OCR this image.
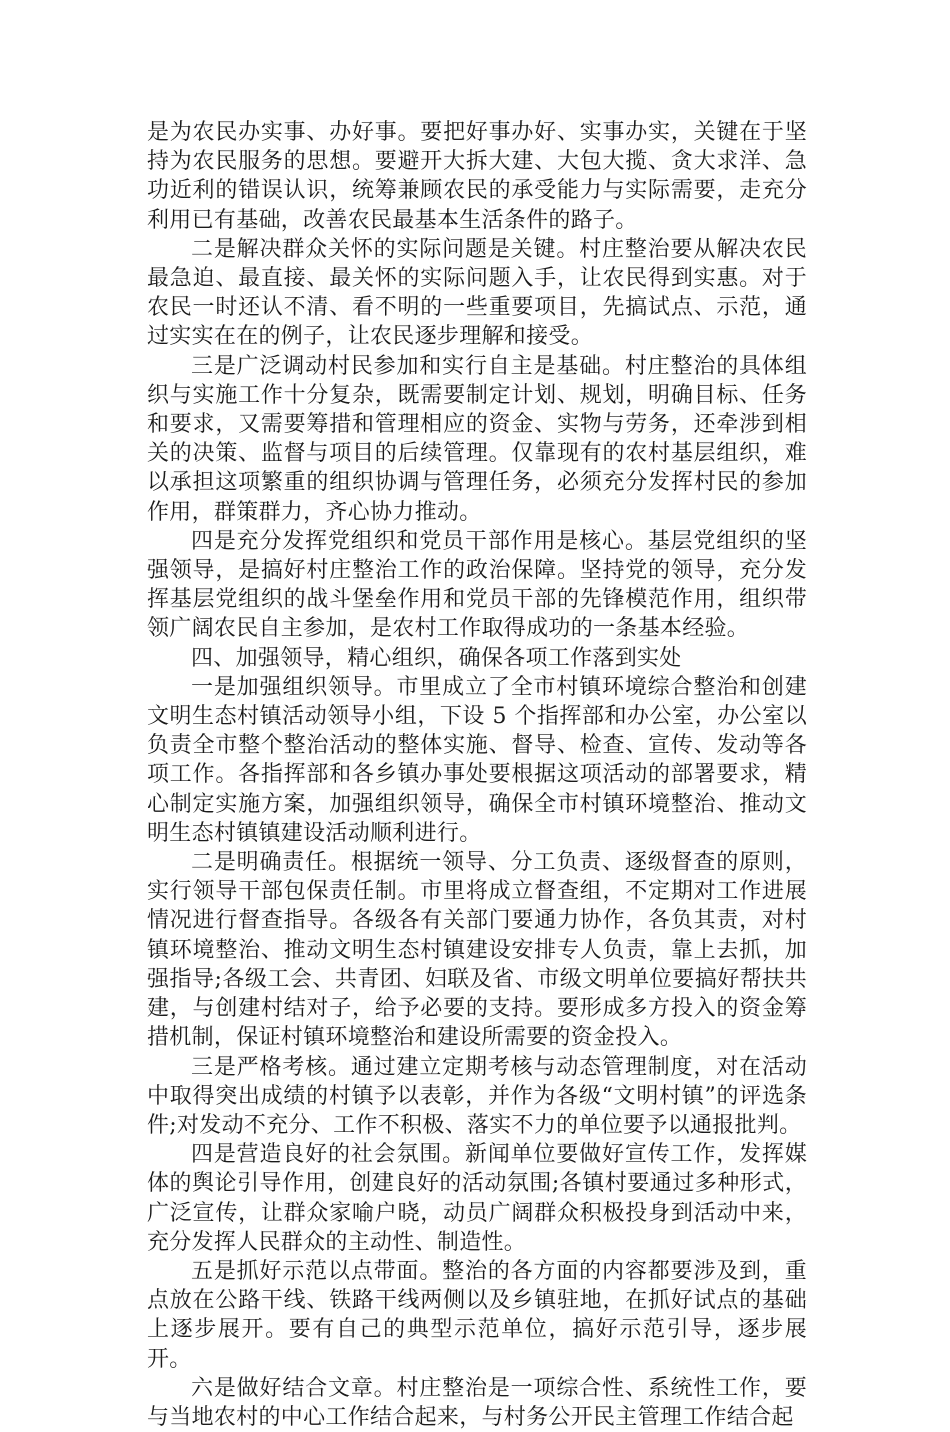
是为农民办实事、办好事。要把好事办好、实事办实，关键在于坚持为农民服务的思想。要避开大拆大建、大包大揽、贪大求洋、急功近利的错误认识，统筹兼顾农民的承受能力与实际需要，走充分利用已有基础，改善农民最基本生活条件的路子。

二是解决群众关怀的实际问题是关键。村庄整治要从解决农民最急迫、最直接、最关怀的实际问题入手，让农民得到实惠。对于农民一时还认不清、看不明的一些重要项目，先搞试点、示范，通过实实在在的例子，让农民逐步理解和接受。

三是广泛调动村民参加和实行自主是基础。村庄整治的具体组织与实施工作十分复杂，既需要制定计划、规划，明确目标、任务和要求，又需要筹措和管理相应的资金、实物与劳务，还牵涉到相关的决策、监督与项目的后续管理。仅靠现有的农村基层组织，难以承担这项繁重的组织协调与管理任务，必须充分发挥村民的参加作用，群策群力，齐心协力推动。

四是充分发挥党组织和党员干部作用是核心。基层党组织的坚强领导，是搞好村庄整治工作的政治保障。坚持党的领导，充分发挥基层党组织的战斗堡垒作用和党员干部的先锋模范作用，组织带领广阔农民自主参加，是农村工作取得成功的一条基本经验。

四、加强领导，精心组织，确保各项工作落到实处

一是加强组织领导。市里成立了全市村镇环境综合整治和创建文明生态村镇活动领导小组，下设 5 个指挥部和办公室，办公室以负责全市整个整治活动的整体实施、督导、检查、宣传、发动等各项工作。各指挥部和各乡镇办事处要根据这项活动的部署要求，精心制定实施方案，加强组织领导，确保全市村镇环境整治、推动文明生态村镇镇建设活动顺利进行。

二是明确责任。根据统一领导、分工负责、逐级督查的原则，实行领导干部包保责任制。市里将成立督查组，不定期对工作进展情况进行督查指导。各级各有关部门要通力协作，各负其责，对村镇环境整治、推动文明生态村镇建设安排专人负责，靠上去抓，加强指导;各级工会、共青团、妇联及省、市级文明单位要搞好帮扶共建，与创建村结对子，给予必要的支持。要形成多方投入的资金筹措机制，保证村镇环境整治和建设所需要的资金投入。

三是严格考核。通过建立定期考核与动态管理制度，对在活动中取得突出成绩的村镇予以表彰，并作为各级“文明村镇”的评选条件;对发动不充分、工作不积极、落实不力的单位要予以通报批判。

四是营造良好的社会氛围。新闻单位要做好宣传工作，发挥媒体的舆论引导作用，创建良好的活动氛围;各镇村要通过多种形式，广泛宣传，让群众家喻户晓，动员广阔群众积极投身到活动中来，充分发挥人民群众的主动性、制造性。

五是抓好示范以点带面。整治的各方面的内容都要涉及到，重点放在公路干线、铁路干线两侧以及乡镇驻地，在抓好试点的基础上逐步展开。要有自己的典型示范单位，搞好示范引导，逐步展开。

六是做好结合文章。村庄整治是一项综合性、系统性工作，要与当地农村的中心工作结合起来，与村务公开民主管理工作结合起
